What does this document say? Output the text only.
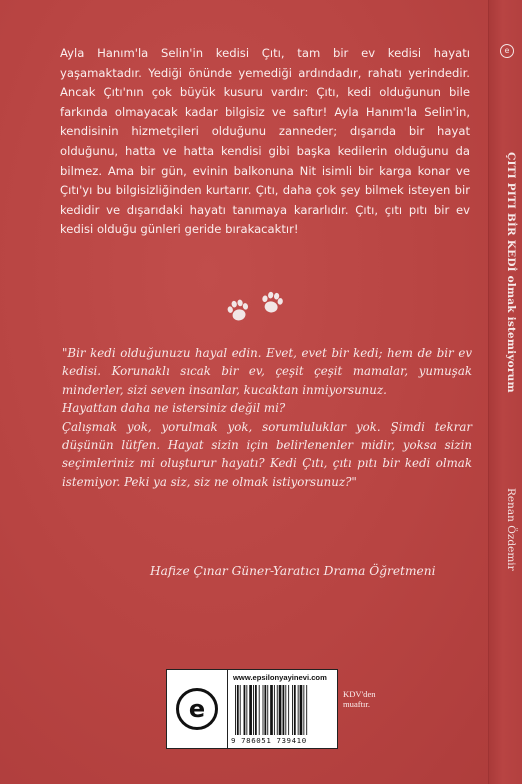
e
ÇITI PITI BİR KEDİ olmak istemiyorum
Renan Özdemir

Ayla Hanım'la Selin'in kedisi Çıtı, tam bir ev kedisi hayatı yaşamaktadır. Yediği önünde yemediği ardındadır, rahatı yerindedir. Ancak Çıtı'nın çok büyük kusuru vardır: Çıtı, kedi olduğunun bile farkında olmayacak kadar bilgisiz ve saftır! Ayla Hanım'la Selin'in, kendisinin hizmetçileri olduğunu zanneder; dışarıda bir hayat olduğunu, hatta ve hatta kendisi gibi başka kedilerin olduğunu da bilmez. Ama bir gün, evinin balkonuna Nit isimli bir karga konar ve Çıtı'yı bu bilgisizliğinden kurtarır. Çıtı, daha çok şey bilmek isteyen bir kedidir ve dışarıdaki hayatı tanımaya kararlıdır. Çıtı, çıtı pıtı bir ev kedisi olduğu günleri geride bırakacaktır!

"Bir kedi olduğunuzu hayal edin. Evet, evet bir kedi; hem de bir ev kedisi. Korunaklı sıcak bir ev, çeşit çeşit mamalar, yumuşak minderler, sizi seven insanlar, kucaktan inmiyorsunuz.

Hayattan daha ne istersiniz değil mi?

Çalışmak yok, yorulmak yok, sorumluluklar yok. Şimdi tekrar düşünün lütfen. Hayat sizin için belirlenenler midir, yoksa sizin seçimleriniz mi oluşturur hayatı? Kedi Çıtı, çıtı pıtı bir kedi olmak istemiyor. Peki ya siz, siz ne olmak istiyorsunuz?"

Hafize Çınar Güner-Yaratıcı Drama Öğretmeni
e
www.epsilonyayinevi.com
9 786051 739410
KDV'den
muaftır.
